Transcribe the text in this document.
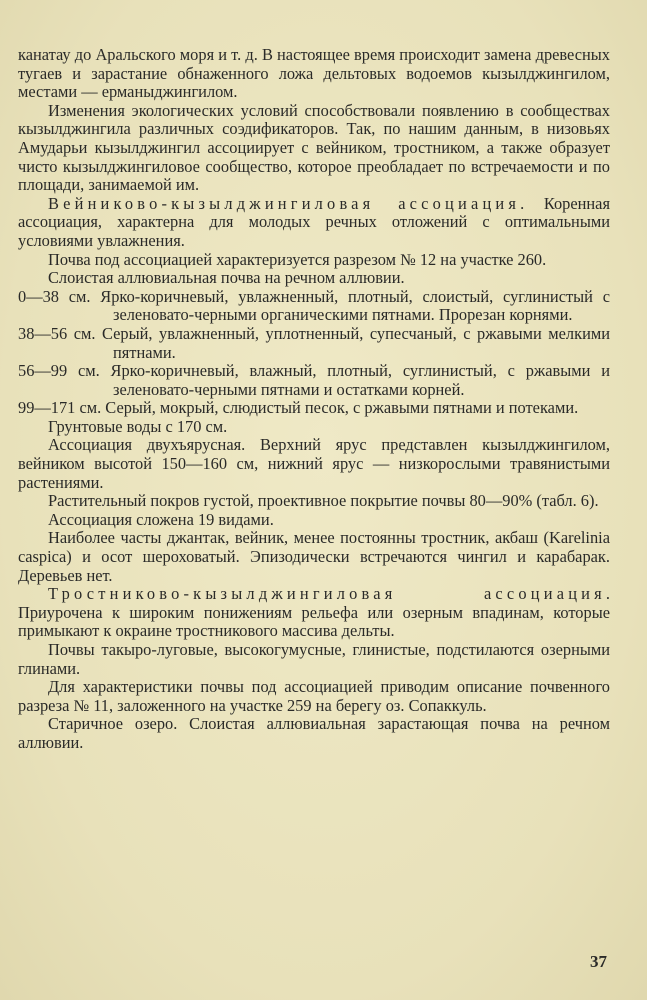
канатау до Аральского моря и т. д. В настоящее время происходит замена древесных тугаев и зарастание обнаженного ложа дельтовых водоемов кызылджингилом, местами — ерманыджингилом.

Изменения экологических условий способствовали появлению в сообществах кызылджингила различных соэдификаторов. Так, по нашим данным, в низовьях Амударьи кызылджингил ассоциирует с вейником, тростником, а также образует чисто кызылджингиловое сообщество, которое преобладает по встречаемости и по площади, занимаемой им.

Вейниково-кызылджингиловая ассоциация. Коренная ассоциация, характерна для молодых речных отложений с оптимальными условиями увлажнения.

Почва под ассоциацией характеризуется разрезом № 12 на участке 260.

Слоистая аллювиальная почва на речном аллювии.

0—38 см. Ярко-коричневый, увлажненный, плотный, слоистый, суглинистый с зеленовато-черными органическими пятнами. Прорезан корнями.

38—56 см. Серый, увлажненный, уплотненный, супесчаный, с ржавыми мелкими пятнами.

56—99 см. Ярко-коричневый, влажный, плотный, суглинистый, с ржавыми и зеленовато-черными пятнами и остатками корней.

99—171 см. Серый, мокрый, слюдистый песок, с ржавыми пятнами и потеками.

Грунтовые воды с 170 см.

Ассоциация двухъярусная. Верхний ярус представлен кызылджингилом, вейником высотой 150—160 см, нижний ярус — низкорослыми травянистыми растениями.

Растительный покров густой, проективное покрытие почвы 80—90% (табл. 6).

Ассоциация сложена 19 видами.

Наиболее часты джантак, вейник, менее постоянны тростник, акбаш (Karelinia caspica) и осот шероховатый. Эпизодически встречаются чингил и карабарак. Деревьев нет.

Тростниково-кызылджингиловая ассоциация. Приурочена к широким понижениям рельефа или озерным впадинам, которые примыкают к окраине тростникового массива дельты.

Почвы такыро-луговые, высокогумусные, глинистые, подстилаются озерными глинами.

Для характеристики почвы под ассоциацией приводим описание почвенного разреза № 11, заложенного на участке 259 на берегу оз. Сопаккуль.

Старичное озеро. Слоистая аллювиальная зарастающая почва на речном аллювии.

37
